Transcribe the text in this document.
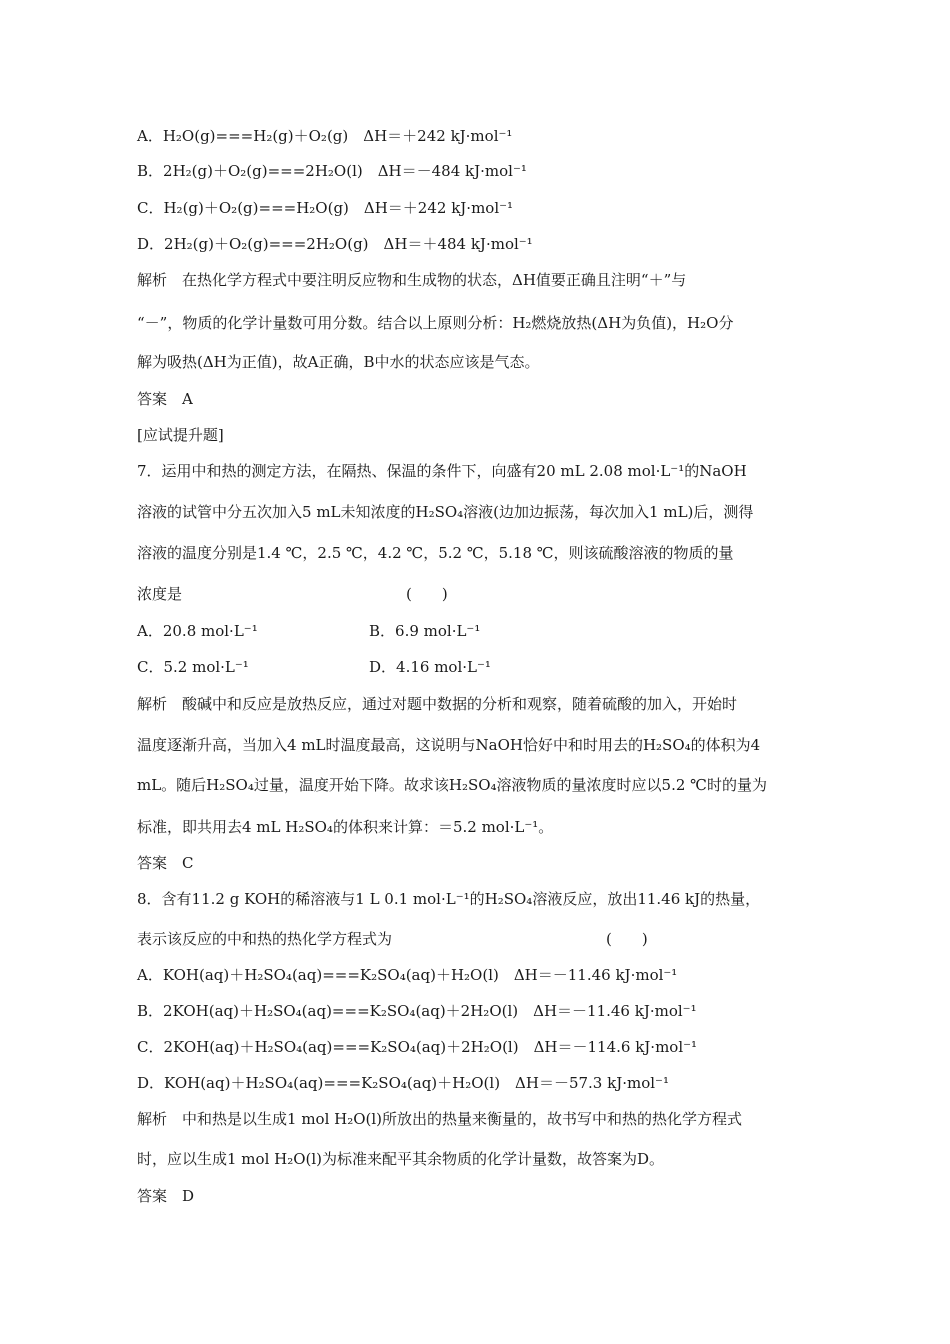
A．H₂O(g)===H₂(g)＋O₂(g)　ΔH＝＋242 kJ·mol⁻¹
B．2H₂(g)＋O₂(g)===2H₂O(l)　ΔH＝－484 kJ·mol⁻¹
C．H₂(g)＋O₂(g)===H₂O(g)　ΔH＝＋242 kJ·mol⁻¹
D．2H₂(g)＋O₂(g)===2H₂O(g)　ΔH＝＋484 kJ·mol⁻¹
解析　在热化学方程式中要注明反应物和生成物的状态，ΔH值要正确且注明“＋”与
“－”，物质的化学计量数可用分数。结合以上原则分析：H₂燃烧放热(ΔH为负值)，H₂O分
解为吸热(ΔH为正值)，故A正确，B中水的状态应该是气态。
答案　A
[应试提升题]
7．运用中和热的测定方法，在隔热、保温的条件下，向盛有20 mL 2.08 mol·L⁻¹的NaOH
溶液的试管中分五次加入5 mL未知浓度的H₂SO₄溶液(边加边振荡，每次加入1 mL)后，测得
溶液的温度分别是1.4 ℃，2.5 ℃，4.2 ℃，5.2 ℃，5.18 ℃，则该硫酸溶液的物质的量
浓度是	(　　)
A．20.8 mol·L⁻¹	B．6.9 mol·L⁻¹
C．5.2 mol·L⁻¹	D．4.16 mol·L⁻¹
解析　酸碱中和反应是放热反应，通过对题中数据的分析和观察，随着硫酸的加入，开始时
温度逐渐升高，当加入4 mL时温度最高，这说明与NaOH恰好中和时用去的H₂SO₄的体积为4
mL。随后H₂SO₄过量，温度开始下降。故求该H₂SO₄溶液物质的量浓度时应以5.2 ℃时的量为
标准，即共用去4 mL H₂SO₄的体积来计算：＝5.2 mol·L⁻¹。
答案　C
8．含有11.2 g KOH的稀溶液与1 L 0.1 mol·L⁻¹的H₂SO₄溶液反应，放出11.46 kJ的热量，
表示该反应的中和热的热化学方程式为	(　　)
A．KOH(aq)＋H₂SO₄(aq)===K₂SO₄(aq)＋H₂O(l)　ΔH＝－11.46 kJ·mol⁻¹
B．2KOH(aq)＋H₂SO₄(aq)===K₂SO₄(aq)＋2H₂O(l)　ΔH＝－11.46 kJ·mol⁻¹
C．2KOH(aq)＋H₂SO₄(aq)===K₂SO₄(aq)＋2H₂O(l)　ΔH＝－114.6 kJ·mol⁻¹
D．KOH(aq)＋H₂SO₄(aq)===K₂SO₄(aq)＋H₂O(l)　ΔH＝－57.3 kJ·mol⁻¹
解析　中和热是以生成1 mol H₂O(l)所放出的热量来衡量的，故书写中和热的热化学方程式
时，应以生成1 mol H₂O(l)为标准来配平其余物质的化学计量数，故答案为D。
答案　D
